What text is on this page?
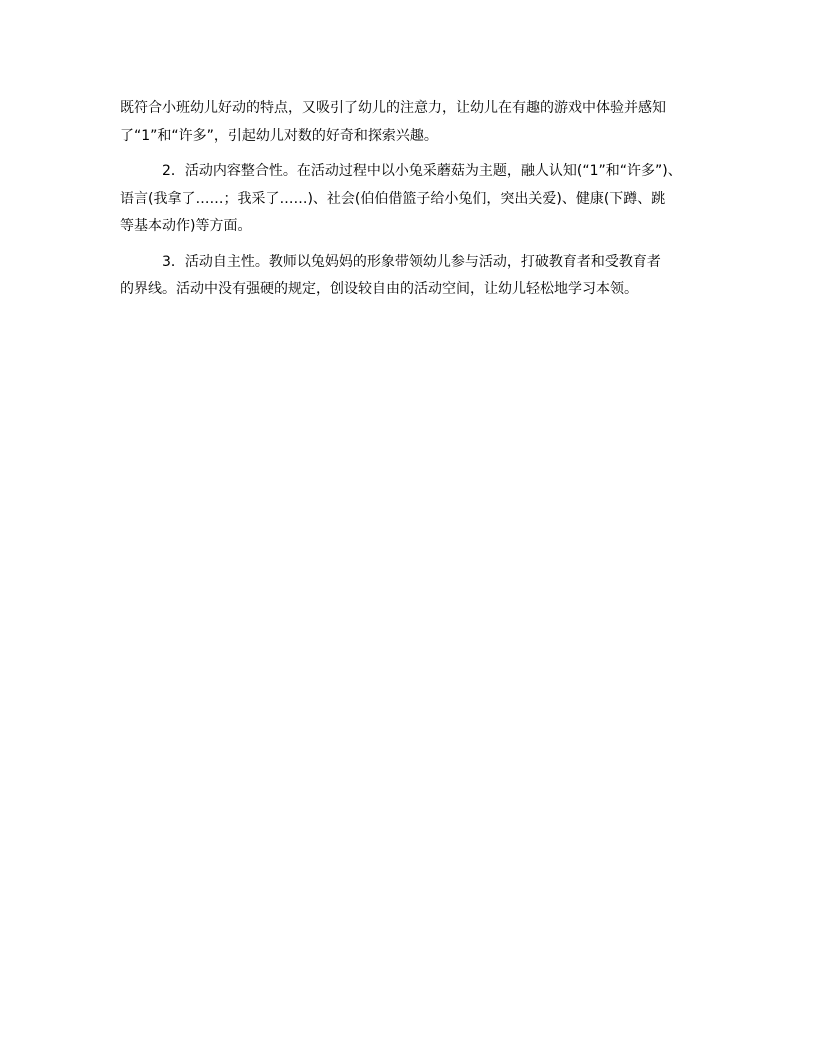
既符合小班幼儿好动的特点，又吸引了幼儿的注意力，让幼儿在有趣的游戏中体验并感知
了“1”和“许多”，引起幼儿对数的好奇和探索兴趣。

2．活动内容整合性。在活动过程中以小兔采蘑菇为主题，融人认知(“1”和“许多”)、
语言(我拿了……；我采了……)、社会(伯伯借篮子给小兔们，突出关爱)、健康(下蹲、跳
等基本动作)等方面。

3．活动自主性。教师以兔妈妈的形象带领幼儿参与活动，打破教育者和受教育者
的界线。活动中没有强硬的规定，创设较自由的活动空间，让幼儿轻松地学习本领。
